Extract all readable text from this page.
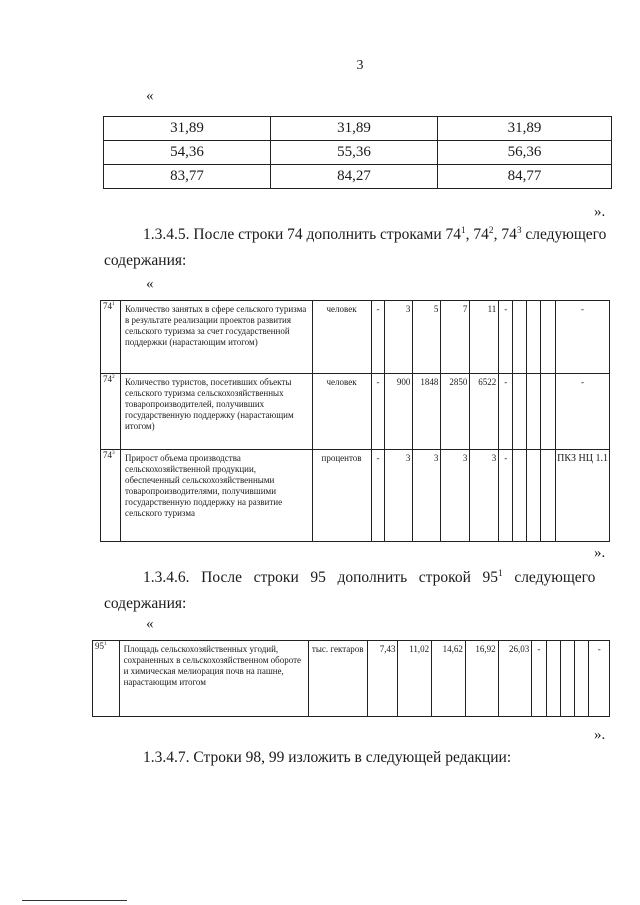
3
«
31,89	31,89	31,89
54,36	55,36	56,36
83,77	84,27	84,77
».
1.3.4.5. После строки 74 дополнить строками $74^1$, $74^2$, $74^3$ следующего
содержания:
«
$74^1$	Количество занятых в сфере сельского туризма в результате реализации проектов развития сельского туризма за счет государственной поддержки (нарастающим итогом)	человек	-	3	5	7	11	-				-
$74^2$	Количество туристов, посетивших объекты сельского туризма сельскохозяйственных товаропроизводителей, получивших государственную поддержку (нарастающим итогом)	человек	-	900	1848	2850	6522	-				-
$74^3$	Прирост объема производства сельскохозяйственной продукции, обеспеченный сельскохозяйственными товаропроизводителями, получившими государственную поддержку на развитие сельского туризма	процентов	-	3	3	3	3	-				ПКЗ НЦ 1.1
».
1.3.4.6.   После   строки   95   дополнить   строкой   $95^1$   следующего
содержания:
«
$95^1$	Площадь сельскохозяйственных угодий, сохраненных в сельскохозяйственном обороте и химическая мелиорация почв на пашне, нарастающим итогом	тыс. гектаров	7,43	11,02	14,62	16,92	26,03	-				-
».
1.3.4.7. Строки 98, 99 изложить в следующей редакции:
